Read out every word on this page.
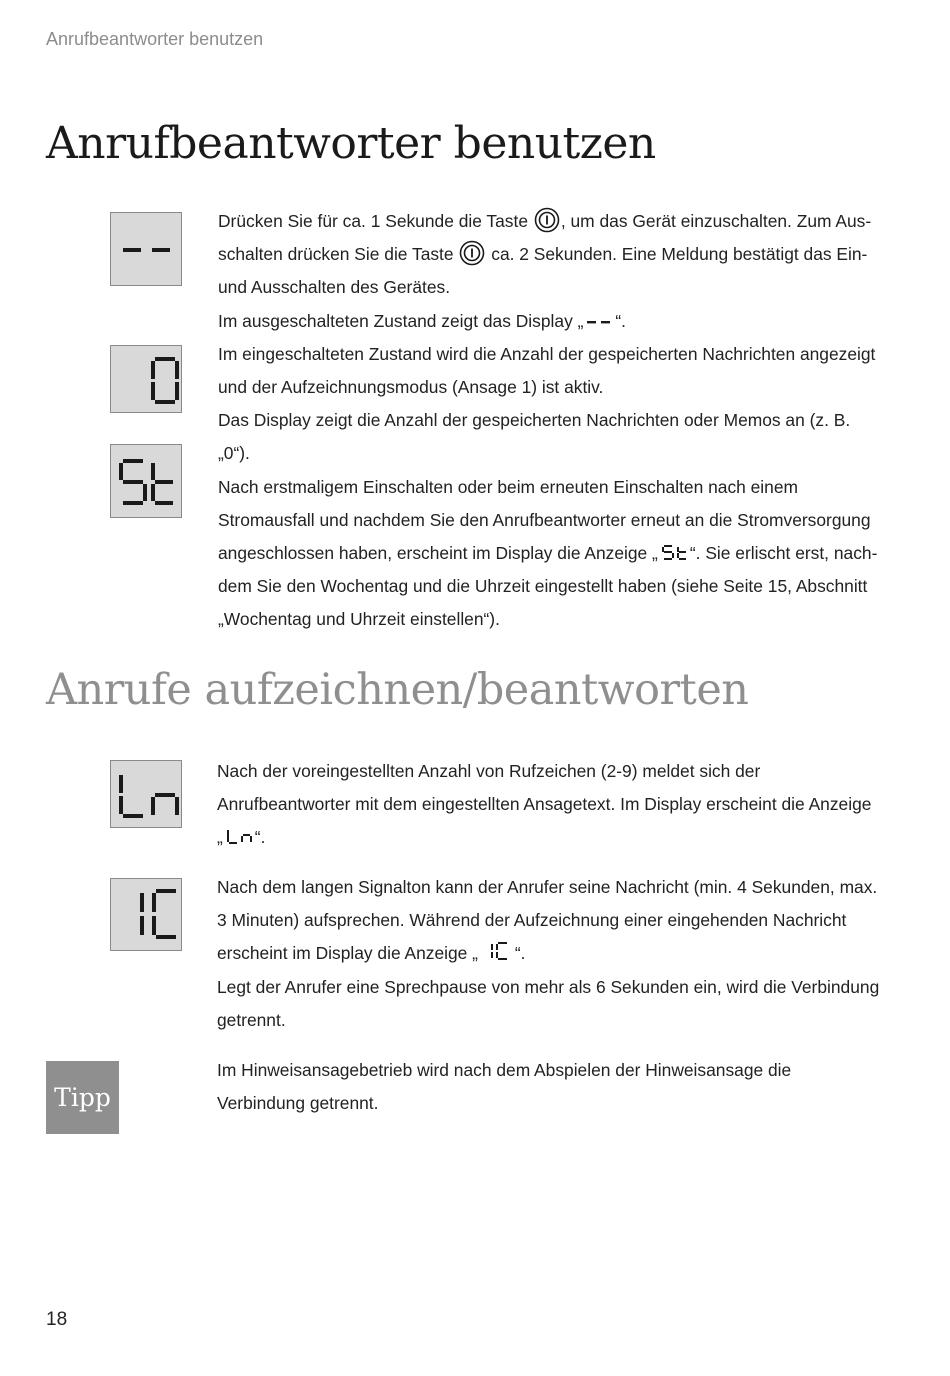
Anrufbeantworter benutzen
Anrufbeantworter benutzen

Drücken Sie für ca. 1 Sekunde die Taste , um das Gerät einzuschalten. Zum Ausschalten drücken Sie die Taste ca. 2 Sekunden. Eine Meldung bestätigt das Ein- und Ausschalten des Gerätes.

Im ausgeschalteten Zustand zeigt das Display „ “.

Im eingeschalteten Zustand wird die Anzahl der gespeicherten Nachrichten angezeigt und der Aufzeichnungsmodus (Ansage 1) ist aktiv.

Das Display zeigt die Anzahl der gespeicherten Nachrichten oder Memos an (z. B. „0“).

Nach erstmaligem Einschalten oder beim erneuten Einschalten nach einem Stromausfall und nachdem Sie den Anrufbeantworter erneut an die Stromversorgung angeschlossen haben, erscheint im Display die Anzeige „ “. Sie erlischt erst, nachdem Sie den Wochentag und die Uhrzeit eingestellt haben (siehe Seite 15, Abschnitt „Wochentag und Uhrzeit einstellen“).

Anrufe aufzeichnen/beantworten

Nach der voreingestellten Anzahl von Rufzeichen (2-9) meldet sich der Anrufbeantworter mit dem eingestellten Ansagetext. Im Display erscheint die Anzeige „ “.

Nach dem langen Signalton kann der Anrufer seine Nachricht (min. 4 Sekunden, max. 3 Minuten) aufsprechen. Während der Aufzeichnung einer eingehenden Nachricht erscheint im Display die Anzeige „ “.

Legt der Anrufer eine Sprechpause von mehr als 6 Sekunden ein, wird die Verbindung getrennt.

Tipp

Im Hinweisansagebetrieb wird nach dem Abspielen der Hinweisansage die Verbindung getrennt.

18
